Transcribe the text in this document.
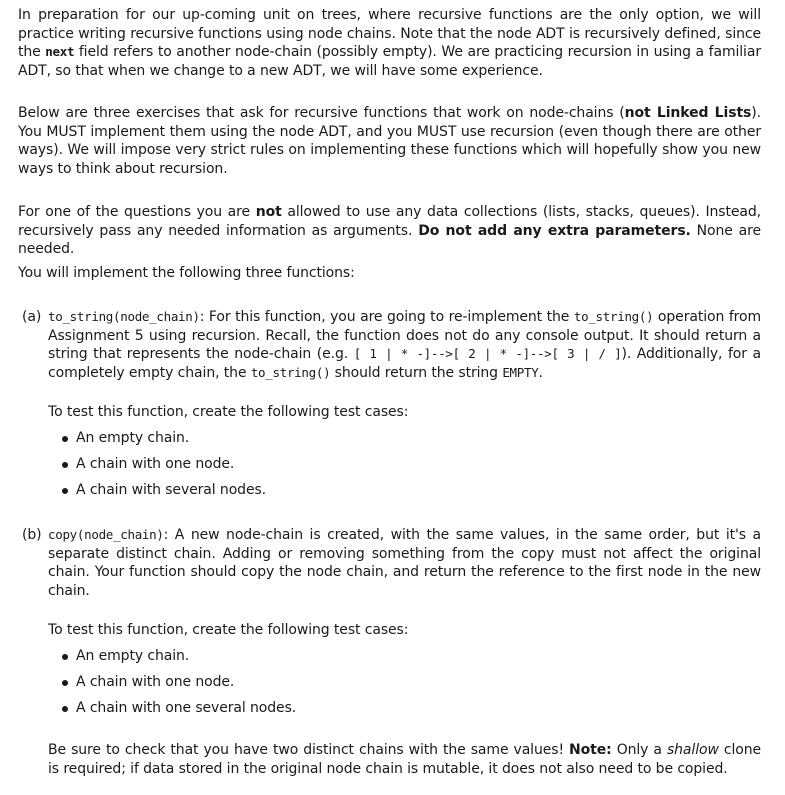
In preparation for our up-coming unit on trees, where recursive functions are the only option, we will practice writing recursive functions using node chains. Note that the node ADT is recursively defined, since the next field refers to another node-chain (possibly empty). We are practicing recursion in using a familiar ADT, so that when we change to a new ADT, we will have some experience.

Below are three exercises that ask for recursive functions that work on node-chains (not Linked Lists). You MUST implement them using the node ADT, and you MUST use recursion (even though there are other ways). We will impose very strict rules on implementing these functions which will hopefully show you new ways to think about recursion.

For one of the questions you are not allowed to use any data collections (lists, stacks, queues). Instead, recursively pass any needed information as arguments. Do not add any extra parameters. None are needed.

You will implement the following three functions:

(a) to_string(node_chain): For this function, you are going to re-implement the to_string() operation from Assignment 5 using recursion. Recall, the function does not do any console output. It should return a string that represents the node-chain (e.g. [ 1 | * -]-->[ 2 | * -]-->[ 3 | / ]). Additionally, for a completely empty chain, the to_string() should return the string EMPTY.

To test this function, create the following test cases:

An empty chain.
A chain with one node.
A chain with several nodes.

(b) copy(node_chain): A new node-chain is created, with the same values, in the same order, but it's a separate distinct chain. Adding or removing something from the copy must not affect the original chain. Your function should copy the node chain, and return the reference to the first node in the new chain.

To test this function, create the following test cases:

An empty chain.
A chain with one node.
A chain with one several nodes.

Be sure to check that you have two distinct chains with the same values! Note: Only a shallow clone is required; if data stored in the original node chain is mutable, it does not also need to be copied.
